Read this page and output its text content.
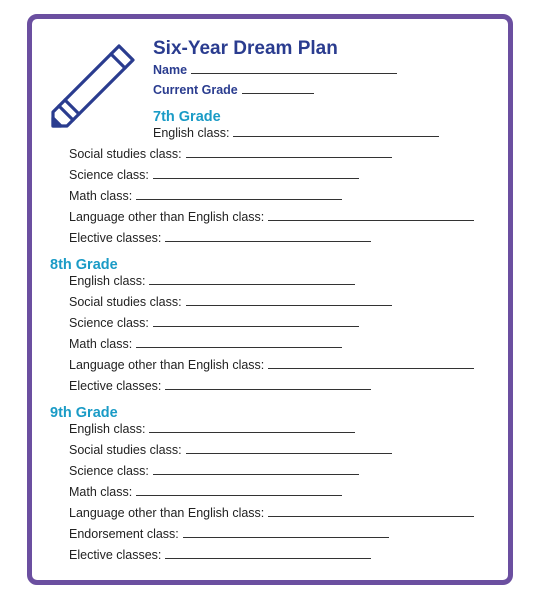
Six-Year Dream Plan
Name
Current Grade
7th Grade
English class:
Social studies class:
Science class:
Math class:
Language other than English class:
Elective classes:
8th Grade
English class:
Social studies class:
Science class:
Math class:
Language other than English class:
Elective classes:
9th Grade
English class:
Social studies class:
Science class:
Math class:
Language other than English class:
Endorsement class:
Elective classes:
